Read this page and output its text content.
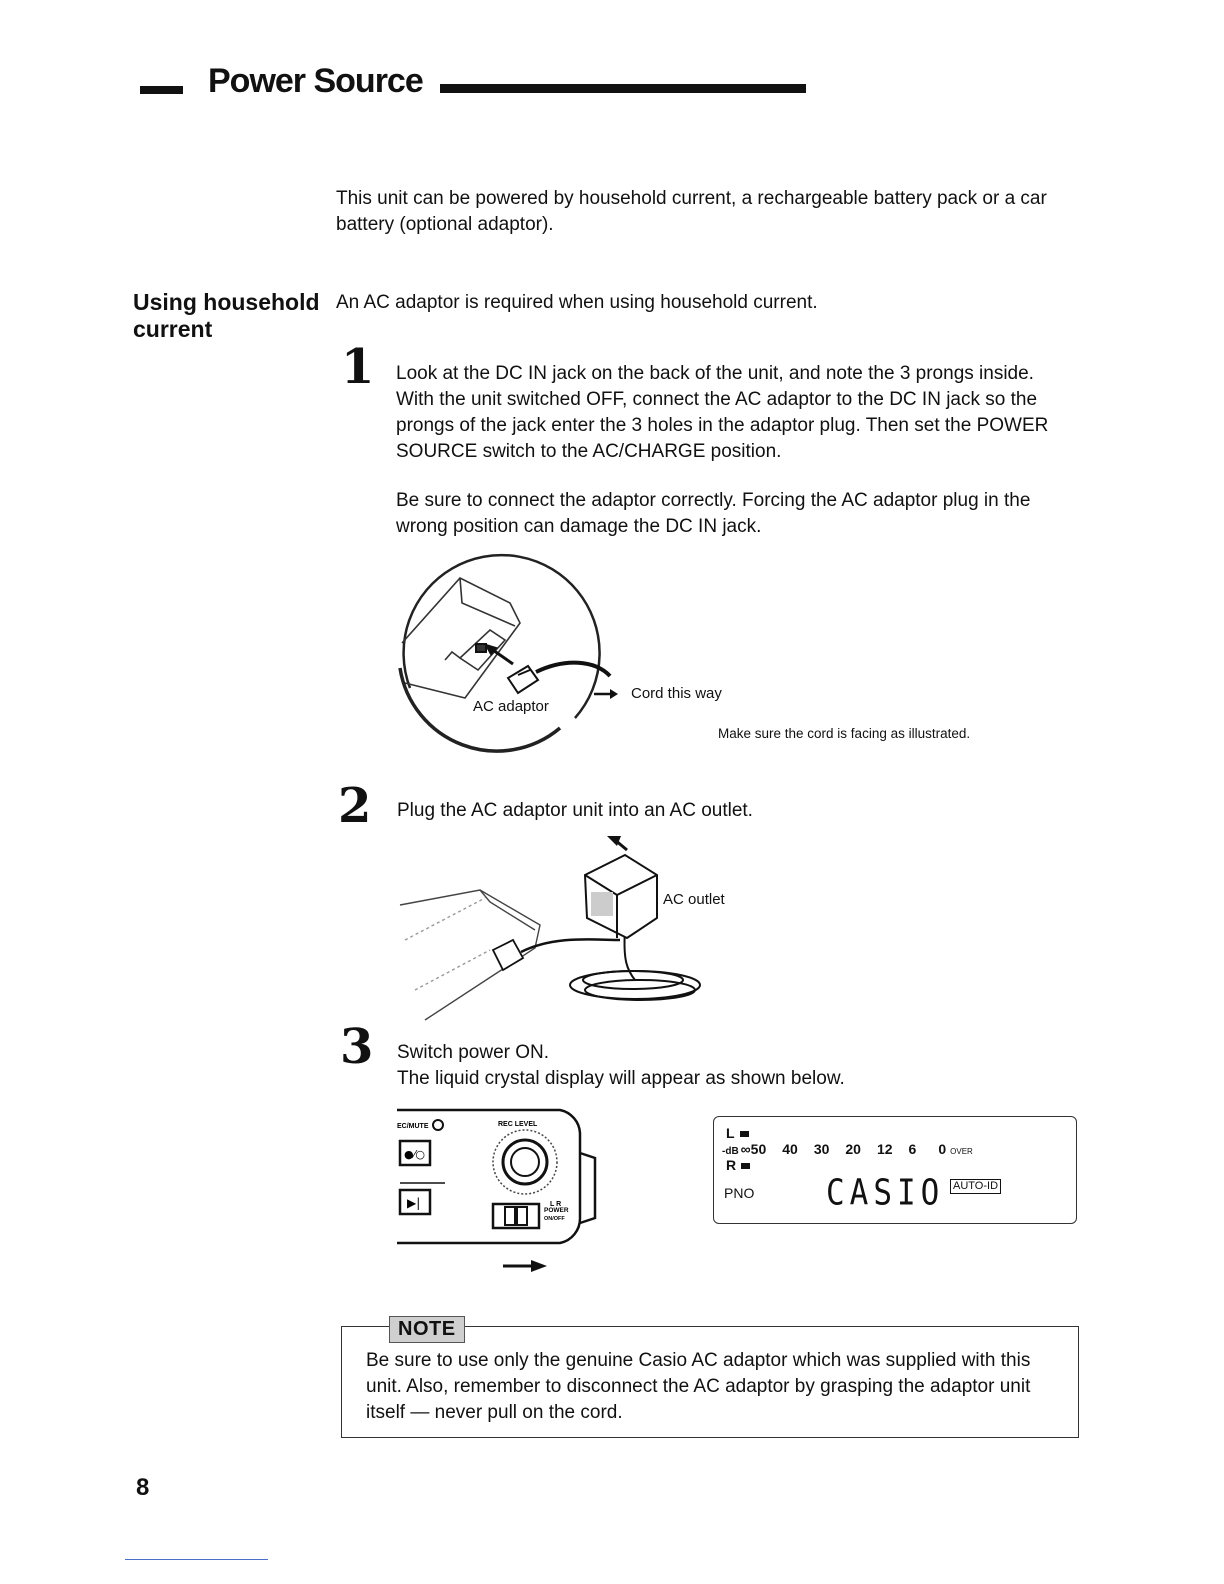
Power Source

This unit can be powered by household current, a rechargeable battery pack or a car battery (optional adaptor).

Using household
current

An AC adaptor is required when using household current.

1 Look at the DC IN jack on the back of the unit, and note the 3 prongs inside. With the unit switched OFF, connect the AC adaptor to the DC IN jack so the prongs of the jack enter the 3 holes in the adaptor plug. Then set the POWER SOURCE switch to the AC/CHARGE position.

Be sure to connect the adaptor correctly. Forcing the AC adaptor plug in the wrong position can damage the DC IN jack.

AC adaptor
Cord this way
Make sure the cord is facing as illustrated.
2 Plug the AC adaptor unit into an AC outlet.

AC outlet
3 Switch power ON.
The liquid crystal display will appear as shown below.
EC/MUTE	REC LEVEL
●⁄○
▶|	L R
POWER
ON/OFF
L
-dB ∞50 40 30 20 12 6 0 OVER
R
PNO CASIO AUTO-ID
NOTE

Be sure to use only the genuine Casio AC adaptor which was supplied with this unit. Also, remember to disconnect the AC adaptor by grasping the adaptor unit itself — never pull on the cord.

8
